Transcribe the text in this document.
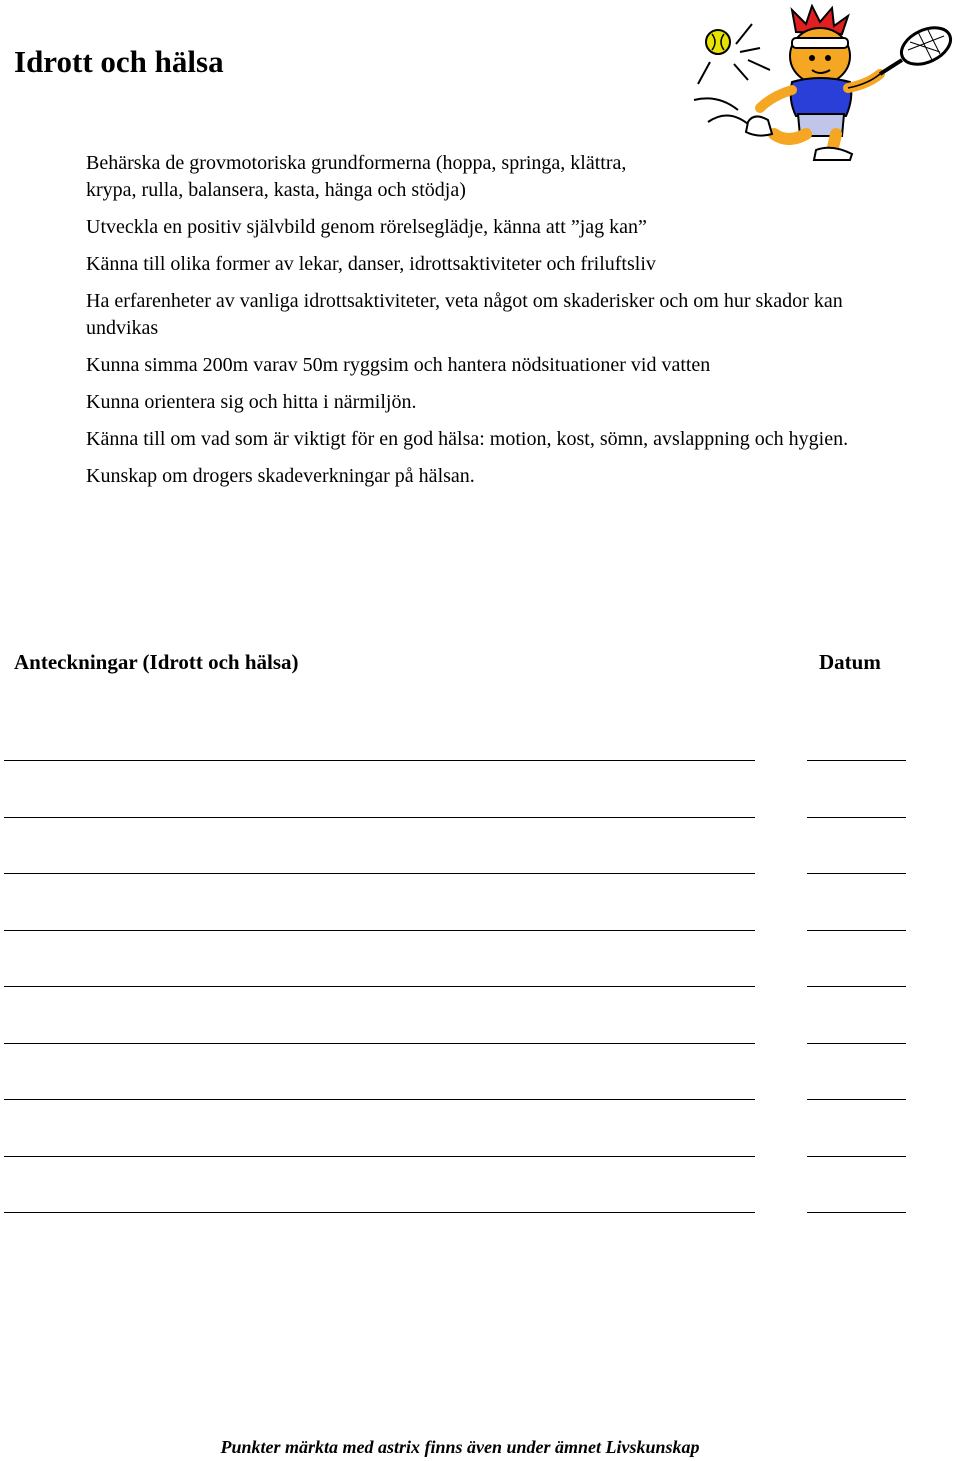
Idrott och hälsa

Behärska de grovmotoriska grundformerna (hoppa, springa, klättra, krypa, rulla, balansera, kasta, hänga och stödja)

Utveckla en positiv självbild genom rörelseglädje, känna att ”jag kan”

Känna till olika former av lekar, danser, idrottsaktiviteter och friluftsliv

Ha erfarenheter av vanliga idrottsaktiviteter, veta något om skaderisker och om hur skador kan undvikas

Kunna simma 200m varav 50m ryggsim och hantera nödsituationer vid vatten

Kunna orientera sig och hitta i närmiljön.

Känna till om vad som är viktigt för en god hälsa: motion, kost, sömn, avslappning och hygien.

Kunskap om drogers skadeverkningar på hälsan.

Anteckningar (Idrott och hälsa)	Datum
Punkter märkta med astrix finns även under ämnet Livskunskap
